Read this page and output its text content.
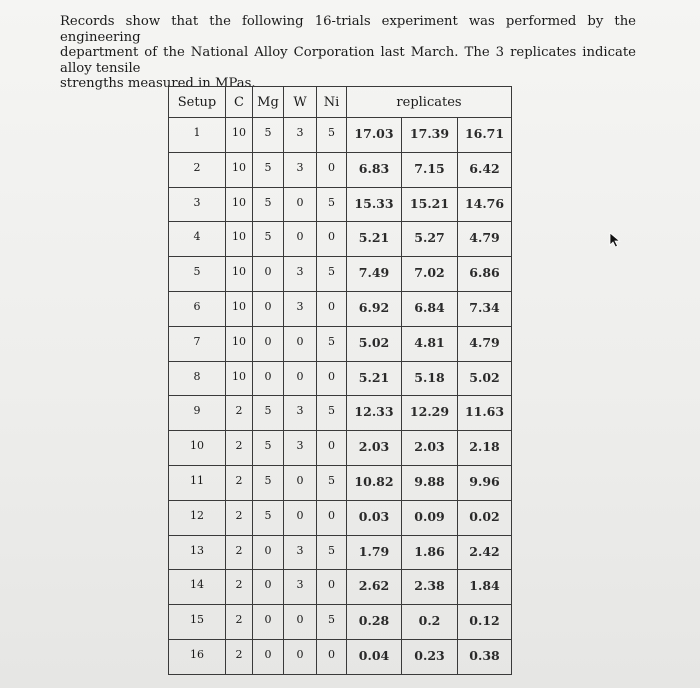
Records show that the following 16-trials experiment was performed by the engineering
department of the National Alloy Corporation last March. The 3 replicates indicate alloy tensile
strengths measured in MPas.
Setup	C	Mg	W	Ni	replicates		
1	10	5	3	5	17.03	17.39	16.71
2	10	5	3	0	6.83	7.15	6.42
3	10	5	0	5	15.33	15.21	14.76
4	10	5	0	0	5.21	5.27	4.79
5	10	0	3	5	7.49	7.02	6.86
6	10	0	3	0	6.92	6.84	7.34
7	10	0	0	5	5.02	4.81	4.79
8	10	0	0	0	5.21	5.18	5.02
9	2	5	3	5	12.33	12.29	11.63
10	2	5	3	0	2.03	2.03	2.18
11	2	5	0	5	10.82	9.88	9.96
12	2	5	0	0	0.03	0.09	0.02
13	2	0	3	5	1.79	1.86	2.42
14	2	0	3	0	2.62	2.38	1.84
15	2	0	0	5	0.28	0.2	0.12
16	2	0	0	0	0.04	0.23	0.38
